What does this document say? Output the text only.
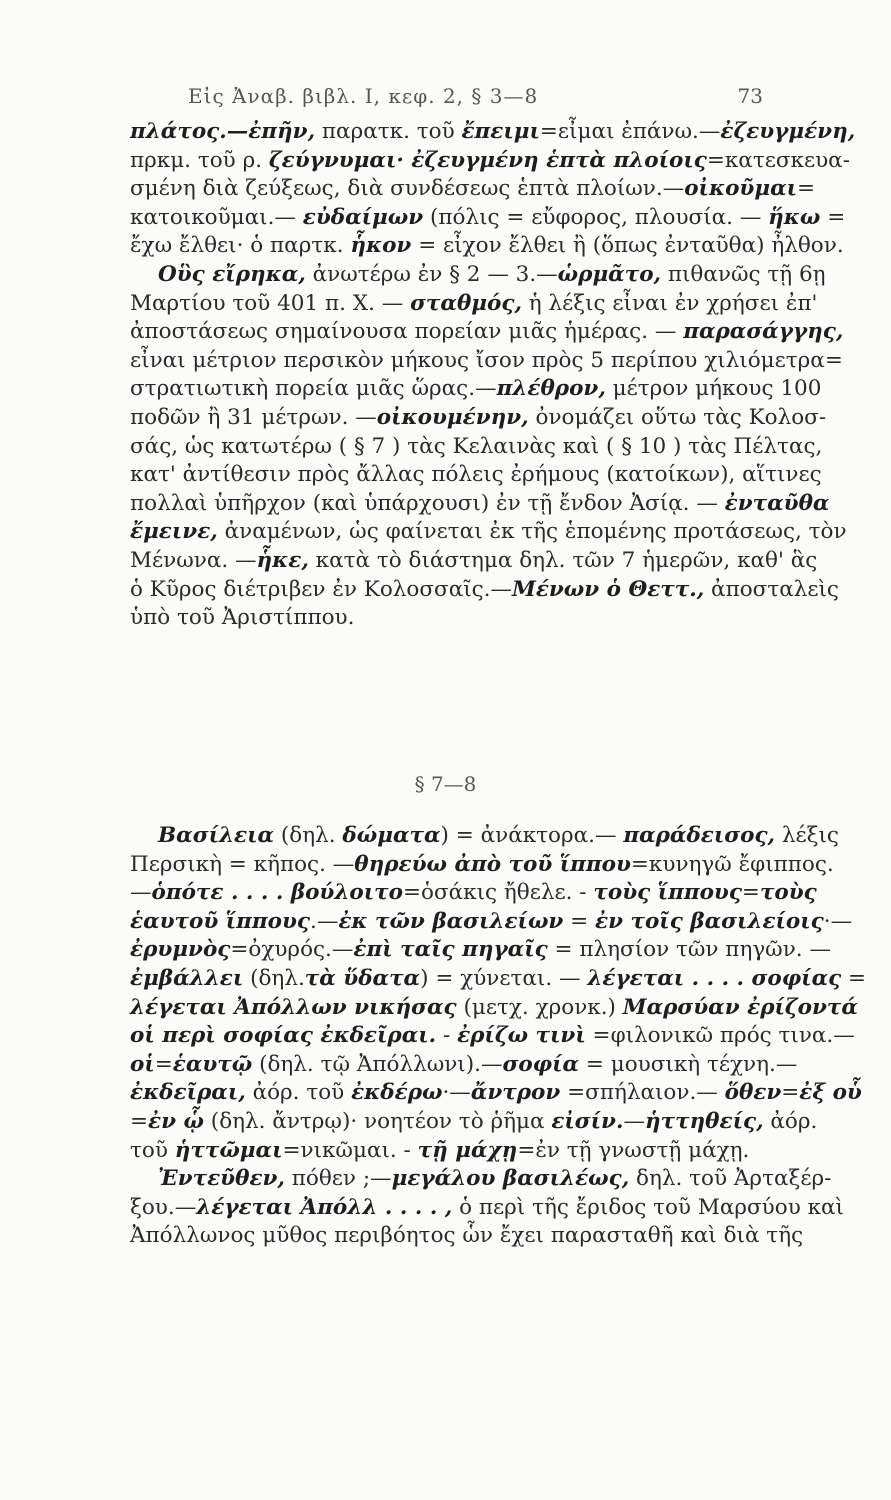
Εἰς Ἀναβ. βιβλ. I, κεφ. 2, § 3—8	73
πλάτος.—ἐπῆν, παρατκ. τοῦ ἔπειμι=εἶμαι ἐπάνω.—ἐζευγμένη,
πρκμ. τοῦ ρ. ζεύγνυμαι· ἐζευγμένη ἑπτὰ πλοίοις=κατεσκευα-
σμένη διὰ ζεύξεως, διὰ συνδέσεως ἑπτὰ πλοίων.—οἰκοῦμαι=
κατοικοῦμαι.— εὐδαίμων (πόλις = εὔφορος, πλουσία. — ἥκω =
ἔχω ἔλθει· ὁ παρτκ. ἧκον = εἶχον ἔλθει ἢ (ὅπως ἐνταῦθα) ἦλθον.
Οὓς εἴρηκα, ἀνωτέρω ἐν § 2 — 3.—ὡρμᾶτο, πιθανῶς τῇ 6ῃ
Μαρτίου τοῦ 401 π. Χ. — σταθμός, ἡ λέξις εἶναι ἐν χρήσει ἐπ'
ἀποστάσεως σημαίνουσα πορείαν μιᾶς ἡμέρας. — παρασάγγης,
εἶναι μέτριον περσικὸν μήκους ἴσον πρὸς 5 περίπου χιλιόμετρα=
στρατιωτικὴ πορεία μιᾶς ὥρας.—πλέθρον, μέτρον μήκους 100
ποδῶν ἢ 31 μέτρων. —οἰκουμένην, ὀνομάζει οὕτω τὰς Κολοσ-
σάς, ὡς κατωτέρω ( § 7 ) τὰς Κελαινὰς καὶ ( § 10 ) τὰς Πέλτας,
κατ' ἀντίθεσιν πρὸς ἄλλας πόλεις ἐρήμους (κατοίκων), αἵτινες
πολλαὶ ὑπῆρχον (καὶ ὑπάρχουσι) ἐν τῇ ἔνδον Ἀσίᾳ. — ἐνταῦθα
ἔμεινε, ἀναμένων, ὡς φαίνεται ἐκ τῆς ἑπομένης προτάσεως, τὸν
Μένωνα. —ἧκε, κατὰ τὸ διάστημα δηλ. τῶν 7 ἡμερῶν, καθ' ἃς
ὁ Κῦρος διέτριβεν ἐν Κολοσσαῖς.—Μένων ὁ Θεττ., ἀποσταλεὶς
ὑπὸ τοῦ Ἀριστίππου.
§ 7—8
Βασίλεια (δηλ. δώματα) = ἀνάκτορα.— παράδεισος, λέξις
Περσικὴ = κῆπος. —θηρεύω ἀπὸ τοῦ ἵππου=κυνηγῶ ἔφιππος.
—ὁπότε . . . . βούλοιτο=ὁσάκις ἤθελε. - τοὺς ἵππους=τοὺς
ἑαυτοῦ ἵππους.—ἐκ τῶν βασιλείων = ἐν τοῖς βασιλείοις·—
ἐρυμνὸς=ὀχυρός.—ἐπὶ ταῖς πηγαῖς = πλησίον τῶν πηγῶν. —
ἐμβάλλει (δηλ.τὰ ὕδατα) = χύνεται. — λέγεται . . . . σοφίας =
λέγεται Ἀπόλλων νικήσας (μετχ. χρονκ.) Μαρσύαν ἐρίζοντά
οἱ περὶ σοφίας ἐκδεῖραι. - ἐρίζω τινὶ =φιλονικῶ πρός τινα.—
οἱ=ἑαυτῷ (δηλ. τῷ Ἀπόλλωνι).—σοφία = μουσικὴ τέχνη.—
ἐκδεῖραι, ἀόρ. τοῦ ἐκδέρω·—ἄντρον =σπήλαιον.— ὅθεν=ἐξ οὗ
=ἐν ᾧ (δηλ. ἄντρῳ)· νοητέον τὸ ῥῆμα εἰσίν.—ἡττηθείς, ἀόρ.
τοῦ ἡττῶμαι=νικῶμαι. - τῇ μάχῃ=ἐν τῇ γνωστῇ μάχῃ.
Ἐντεῦθεν, πόθεν ;—μεγάλου βασιλέως, δηλ. τοῦ Ἀρταξέρ-
ξου.—λέγεται Ἀπόλλ . . . . , ὁ περὶ τῆς ἔριδος τοῦ Μαρσύου καὶ
Ἀπόλλωνος μῦθος περιβόητος ὧν ἔχει παρασταθῆ καὶ διὰ τῆς
